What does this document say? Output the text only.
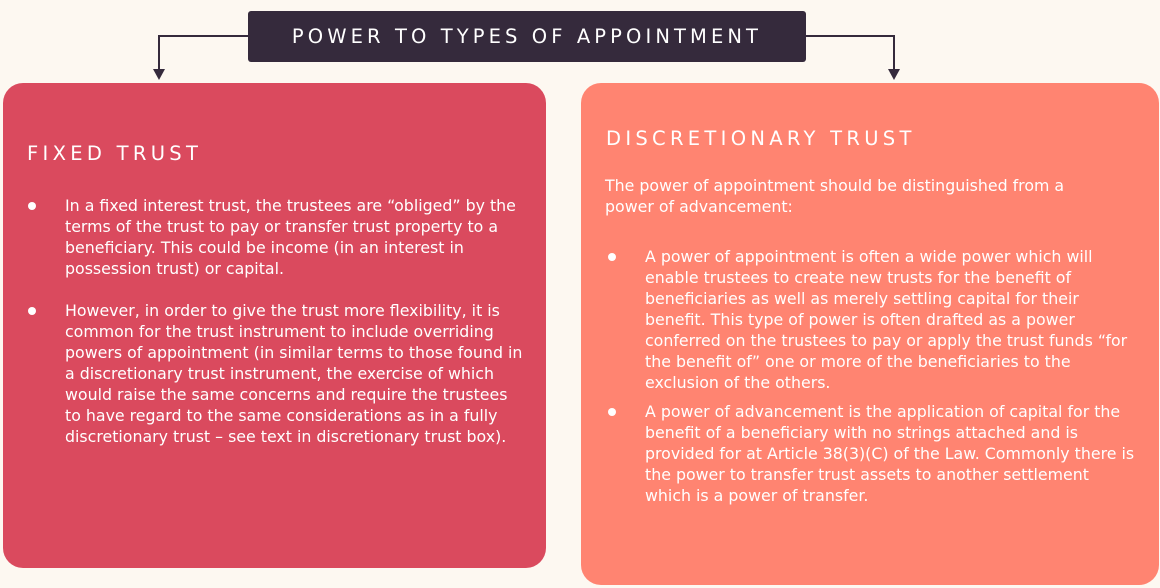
POWER TO TYPES OF APPOINTMENT
FIXED TRUST
In a fixed interest trust, the trustees are “obliged” by the terms of the trust to pay or transfer trust property to a beneficiary. This could be income (in an interest in possession trust) or capital.
However, in order to give the trust more flexibility, it is common for the trust instrument to include overriding powers of appointment (in similar terms to those found in a discretionary trust instrument, the exercise of which would raise the same concerns and require the trustees to have regard to the same considerations as in a fully discretionary trust – see text in discretionary trust box).
DISCRETIONARY TRUST
The power of appointment should be distinguished from a power of advancement:
A power of appointment is often a wide power which will enable trustees to create new trusts for the benefit of beneficiaries as well as merely settling capital for their benefit. This type of power is often drafted as a power conferred on the trustees to pay or apply the trust funds “for the benefit of” one or more of the beneficiaries to the exclusion of the others.
A power of advancement is the application of capital for the benefit of a beneficiary with no strings attached and is provided for at Article 38(3)(C) of the Law. Commonly there is the power to transfer trust assets to another settlement which is a power of transfer.
